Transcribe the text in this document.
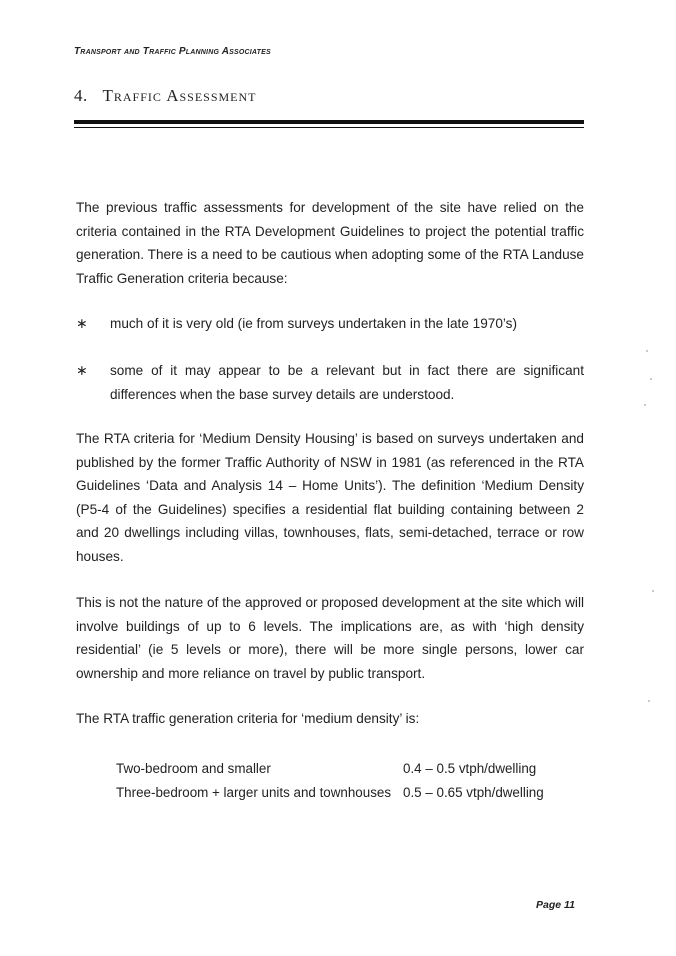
Transport and Traffic Planning Associates
4. Traffic Assessment
The previous traffic assessments for development of the site have relied on the criteria contained in the RTA Development Guidelines to project the potential traffic generation. There is a need to be cautious when adopting some of the RTA Landuse Traffic Generation criteria because:
∗ much of it is very old (ie from surveys undertaken in the late 1970’s)
∗ some of it may appear to be a relevant but in fact there are significant differences when the base survey details are understood.
The RTA criteria for ‘Medium Density Housing’ is based on surveys undertaken and published by the former Traffic Authority of NSW in 1981 (as referenced in the RTA Guidelines ‘Data and Analysis 14 – Home Units’). The definition ‘Medium Density (P5-4 of the Guidelines) specifies a residential flat building containing between 2 and 20 dwellings including villas, townhouses, flats, semi-detached, terrace or row houses.
This is not the nature of the approved or proposed development at the site which will involve buildings of up to 6 levels. The implications are, as with ‘high density residential’ (ie 5 levels or more), there will be more single persons, lower car ownership and more reliance on travel by public transport.
The RTA traffic generation criteria for ‘medium density’ is:
Two-bedroom and smaller	0.4 – 0.5 vtph/dwelling
Three-bedroom + larger units and townhouses 0.5 – 0.65 vtph/dwelling
Page 11
